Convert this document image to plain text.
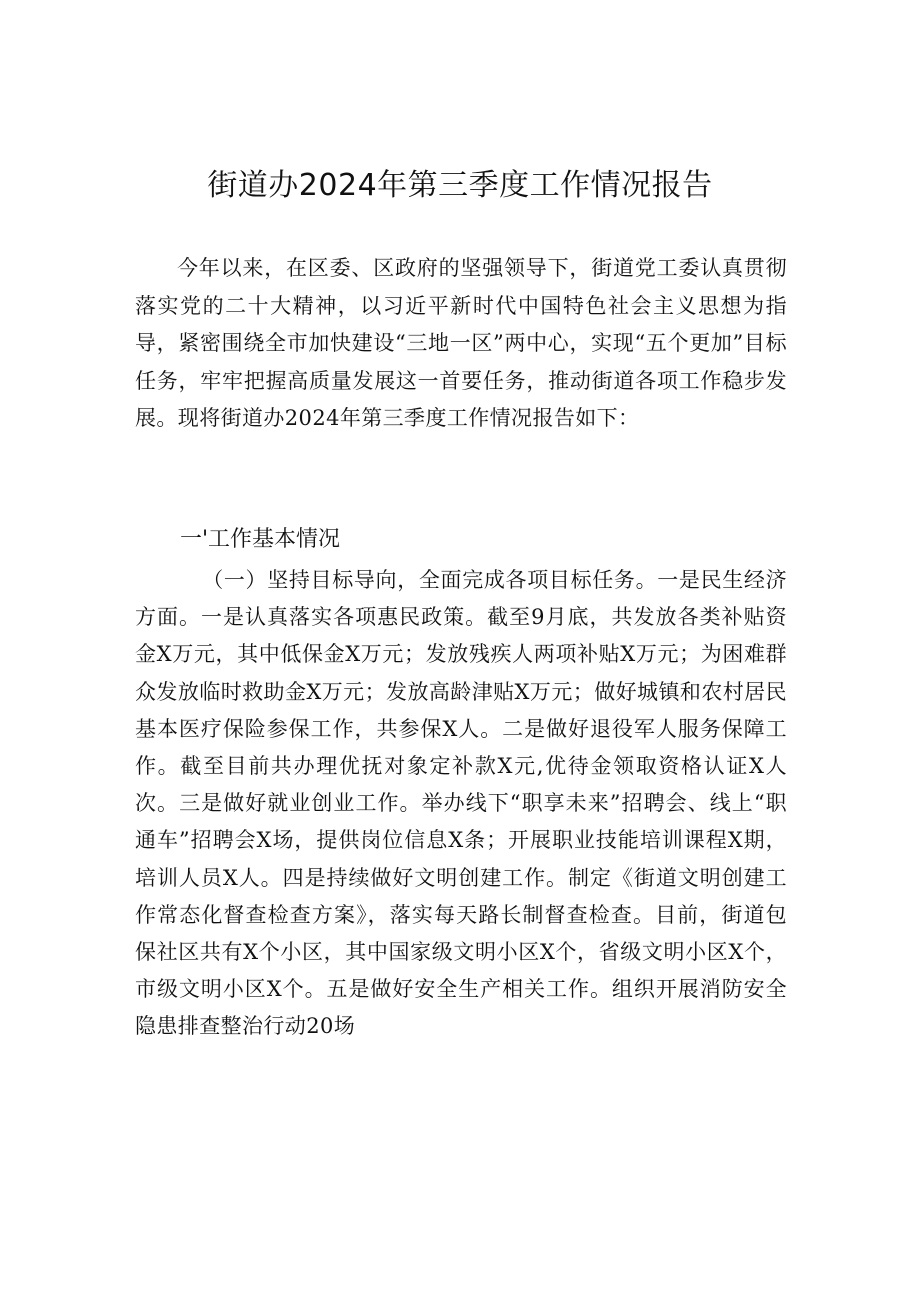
街道办2024年第三季度工作情况报告

今年以来，在区委、区政府的坚强领导下，街道党工委认真贯彻落实党的二十大精神，以习近平新时代中国特色社会主义思想为指导，紧密围绕全市加快建设“三地一区”两中心，实现“五个更加”目标任务，牢牢把握高质量发展这一首要任务，推动街道各项工作稳步发展。现将街道办2024年第三季度工作情况报告如下：

一'工作基本情况

（一）坚持目标导向，全面完成各项目标任务。一是民生经济方面。一是认真落实各项惠民政策。截至9月底，共发放各类补贴资金X万元，其中低保金X万元；发放残疾人两项补贴X万元；为困难群众发放临时救助金X万元；发放高龄津贴X万元；做好城镇和农村居民基本医疗保险参保工作，共参保X人。二是做好退役军人服务保障工作。截至目前共办理优抚对象定补款X元,优待金领取资格认证X人次。三是做好就业创业工作。举办线下“职享未来”招聘会、线上“职通车”招聘会X场，提供岗位信息X条；开展职业技能培训课程X期，培训人员X人。四是持续做好文明创建工作。制定《街道文明创建工作常态化督查检查方案》，落实每天路长制督查检查。目前，街道包保社区共有X个小区，其中国家级文明小区X个，省级文明小区X个，市级文明小区X个。五是做好安全生产相关工作。组织开展消防安全隐患排查整治行动20场
